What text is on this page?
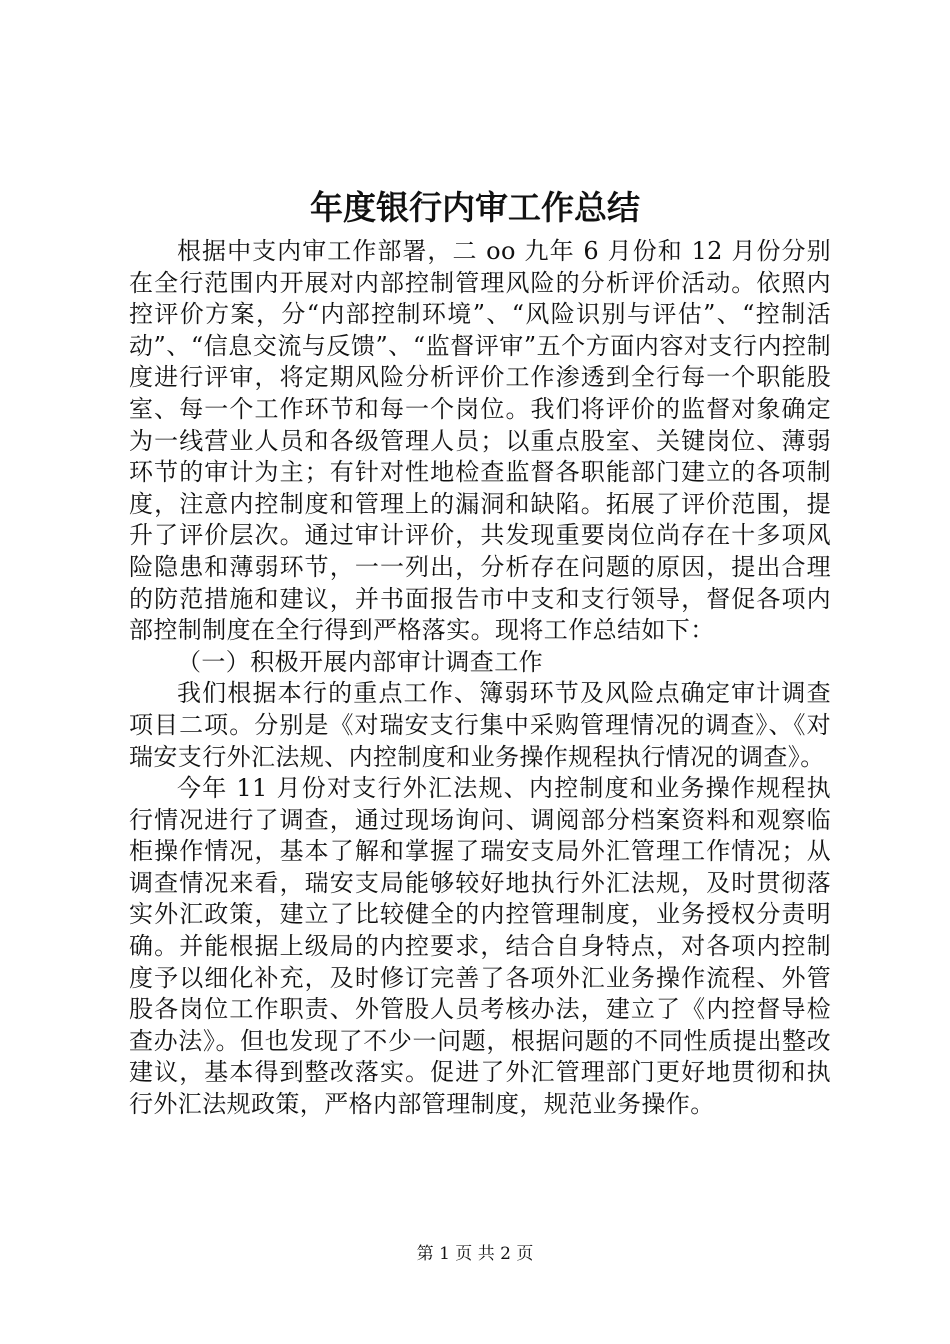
年度银行内审工作总结

根据中支内审工作部署，二 oo 九年 6 月份和 12 月份分别在全行范围内开展对内部控制管理风险的分析评价活动。依照内控评价方案，分“内部控制环境”、“风险识别与评估”、“控制活动”、“信息交流与反馈”、“监督评审”五个方面内容对支行内控制度进行评审，将定期风险分析评价工作渗透到全行每一个职能股室、每一个工作环节和每一个岗位。我们将评价的监督对象确定为一线营业人员和各级管理人员；以重点股室、关键岗位、薄弱环节的审计为主；有针对性地检查监督各职能部门建立的各项制度，注意内控制度和管理上的漏洞和缺陷。拓展了评价范围，提升了评价层次。通过审计评价，共发现重要岗位尚存在十多项风险隐患和薄弱环节，一一列出，分析存在问题的原因，提出合理的防范措施和建议，并书面报告市中支和支行领导，督促各项内部控制制度在全行得到严格落实。现将工作总结如下：

（一）积极开展内部审计调查工作

我们根据本行的重点工作、簿弱环节及风险点确定审计调查项目二项。分别是《对瑞安支行集中采购管理情况的调查》、《对瑞安支行外汇法规、内控制度和业务操作规程执行情况的调查》。

今年 11 月份对支行外汇法规、内控制度和业务操作规程执行情况进行了调查，通过现场询问、调阅部分档案资料和观察临柜操作情况，基本了解和掌握了瑞安支局外汇管理工作情况；从调查情况来看，瑞安支局能够较好地执行外汇法规，及时贯彻落实外汇政策，建立了比较健全的内控管理制度，业务授权分责明确。并能根据上级局的内控要求，结合自身特点，对各项内控制度予以细化补充，及时修订完善了各项外汇业务操作流程、外管股各岗位工作职责、外管股人员考核办法，建立了《内控督导检查办法》。但也发现了不少一问题，根据问题的不同性质提出整改建议，基本得到整改落实。促进了外汇管理部门更好地贯彻和执行外汇法规政策，严格内部管理制度，规范业务操作。

第 1 页 共 2 页
